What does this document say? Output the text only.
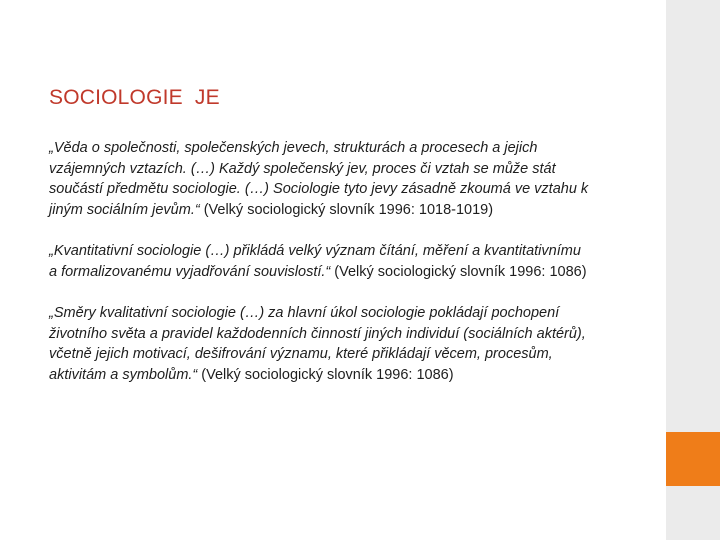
SOCIOLOGIE  JE

„Věda o společnosti, společenských jevech, strukturách a procesech a jejich vzájemných vztazích. (…) Každý společenský jev, proces či vztah se může stát součástí předmětu sociologie. (…) Sociologie tyto jevy zásadně zkoumá ve vztahu k jiným sociálním jevům.“ (Velký sociologický slovník 1996: 1018-1019)

„Kvantitativní sociologie (…) přikládá velký význam čítání, měření a kvantitativnímu a formalizovanému vyjadřování souvislostí.“ (Velký sociologický slovník 1996: 1086)

„Směry kvalitativní sociologie (…) za hlavní úkol sociologie pokládají pochopení životního světa a pravidel každodenních činností jiných individuí (sociálních aktérů), včetně jejich motivací, dešifrování významu, které přikládají věcem, procesům, aktivitám a symbolům.“ (Velký sociologický slovník 1996: 1086)
